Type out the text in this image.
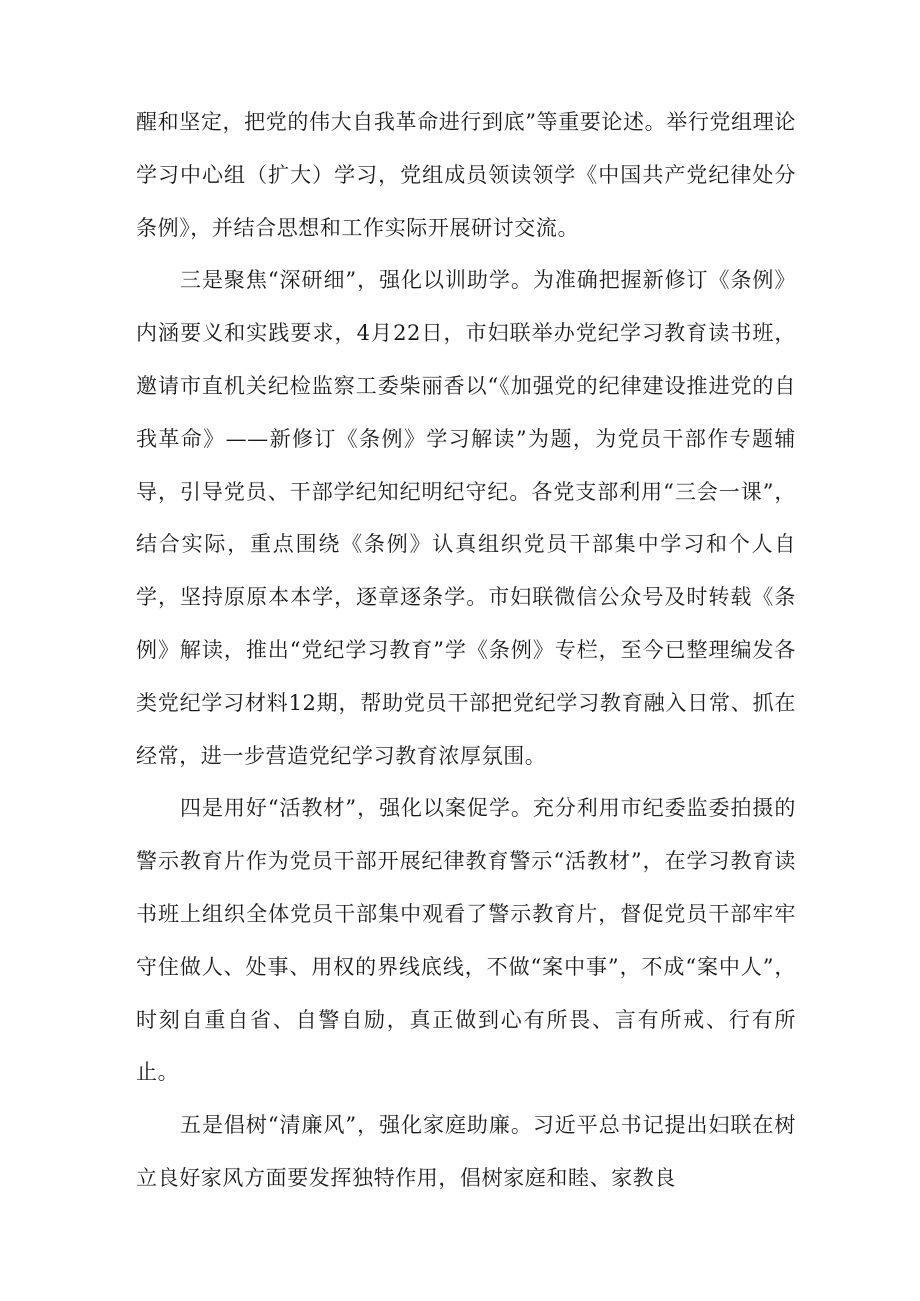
醒和坚定，把党的伟大自我革命进行到底”等重要论述。举行党组理论学习中心组（扩大）学习，党组成员领读领学《中国共产党纪律处分条例》，并结合思想和工作实际开展研讨交流。

三是聚焦“深研细”，强化以训助学。为准确把握新修订《条例》内涵要义和实践要求，4月22日，市妇联举办党纪学习教育读书班，邀请市直机关纪检监察工委柴丽香以“《加强党的纪律建设推进党的自我革命》——新修订《条例》学习解读”为题，为党员干部作专题辅导，引导党员、干部学纪知纪明纪守纪。各党支部利用“三会一课”，结合实际，重点围绕《条例》认真组织党员干部集中学习和个人自学，坚持原原本本学，逐章逐条学。市妇联微信公众号及时转载《条例》解读，推出“党纪学习教育”学《条例》专栏，至今已整理编发各类党纪学习材料12期，帮助党员干部把党纪学习教育融入日常、抓在经常，进一步营造党纪学习教育浓厚氛围。

四是用好“活教材”，强化以案促学。充分利用市纪委监委拍摄的警示教育片作为党员干部开展纪律教育警示“活教材”，在学习教育读书班上组织全体党员干部集中观看了警示教育片，督促党员干部牢牢守住做人、处事、用权的界线底线，不做“案中事”，不成“案中人”，时刻自重自省、自警自励，真正做到心有所畏、言有所戒、行有所止。

五是倡树“清廉风”，强化家庭助廉。习近平总书记提出妇联在树立良好家风方面要发挥独特作用，倡树家庭和睦、家教良
